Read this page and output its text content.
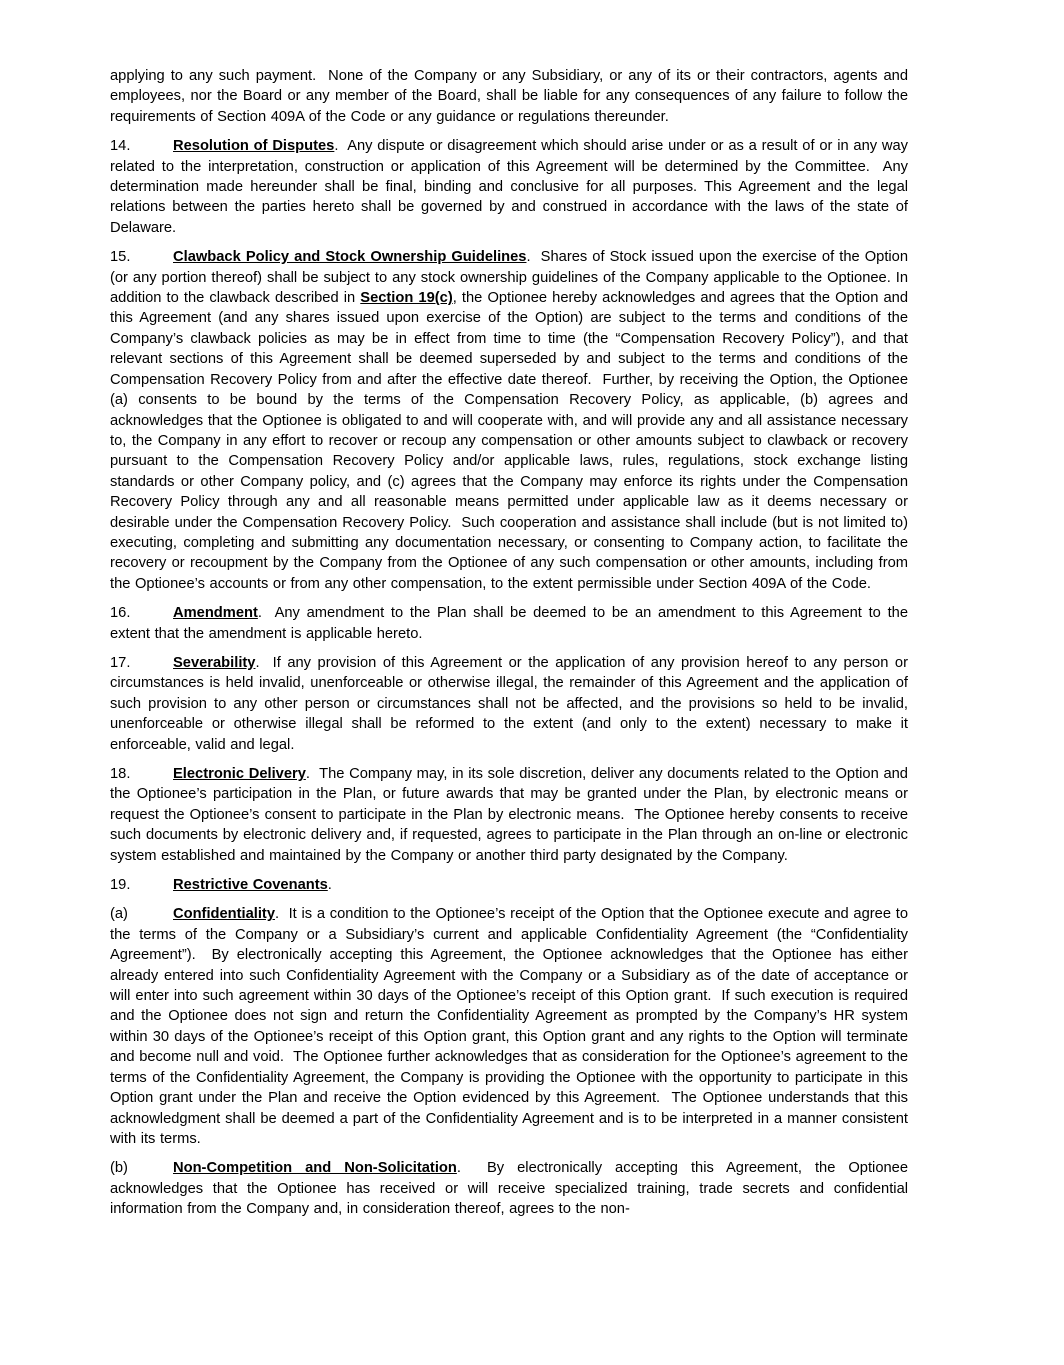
applying to any such payment.  None of the Company or any Subsidiary, or any of its or their contractors, agents and employees, nor the Board or any member of the Board, shall be liable for any consequences of any failure to follow the requirements of Section 409A of the Code or any guidance or regulations thereunder.

14.	Resolution of Disputes.  Any dispute or disagreement which should arise under or as a result of or in any way related to the interpretation, construction or application of this Agreement will be determined by the Committee.  Any determination made hereunder shall be final, binding and conclusive for all purposes. This Agreement and the legal relations between the parties hereto shall be governed by and construed in accordance with the laws of the state of Delaware.

15.	Clawback Policy and Stock Ownership Guidelines.  Shares of Stock issued upon the exercise of the Option (or any portion thereof) shall be subject to any stock ownership guidelines of the Company applicable to the Optionee. In addition to the clawback described in Section 19(c), the Optionee hereby acknowledges and agrees that the Option and this Agreement (and any shares issued upon exercise of the Option) are subject to the terms and conditions of the Company’s clawback policies as may be in effect from time to time (the “Compensation Recovery Policy”), and that relevant sections of this Agreement shall be deemed superseded by and subject to the terms and conditions of the Compensation Recovery Policy from and after the effective date thereof.  Further, by receiving the Option, the Optionee (a) consents to be bound by the terms of the Compensation Recovery Policy, as applicable, (b) agrees and acknowledges that the Optionee is obligated to and will cooperate with, and will provide any and all assistance necessary to, the Company in any effort to recover or recoup any compensation or other amounts subject to clawback or recovery pursuant to the Compensation Recovery Policy and/or applicable laws, rules, regulations, stock exchange listing standards or other Company policy, and (c) agrees that the Company may enforce its rights under the Compensation Recovery Policy through any and all reasonable means permitted under applicable law as it deems necessary or desirable under the Compensation Recovery Policy.  Such cooperation and assistance shall include (but is not limited to) executing, completing and submitting any documentation necessary, or consenting to Company action, to facilitate the recovery or recoupment by the Company from the Optionee of any such compensation or other amounts, including from the Optionee’s accounts or from any other compensation, to the extent permissible under Section 409A of the Code.

16.	Amendment.  Any amendment to the Plan shall be deemed to be an amendment to this Agreement to the extent that the amendment is applicable hereto.

17.	Severability.  If any provision of this Agreement or the application of any provision hereof to any person or circumstances is held invalid, unenforceable or otherwise illegal, the remainder of this Agreement and the application of such provision to any other person or circumstances shall not be affected, and the provisions so held to be invalid, unenforceable or otherwise illegal shall be reformed to the extent (and only to the extent) necessary to make it enforceable, valid and legal.

18.	Electronic Delivery.  The Company may, in its sole discretion, deliver any documents related to the Option and the Optionee’s participation in the Plan, or future awards that may be granted under the Plan, by electronic means or request the Optionee’s consent to participate in the Plan by electronic means.  The Optionee hereby consents to receive such documents by electronic delivery and, if requested, agrees to participate in the Plan through an on-line or electronic system established and maintained by the Company or another third party designated by the Company.

19.	Restrictive Covenants.

(a)	Confidentiality.  It is a condition to the Optionee’s receipt of the Option that the Optionee execute and agree to the terms of the Company or a Subsidiary’s current and applicable Confidentiality Agreement (the “Confidentiality Agreement”).  By electronically accepting this Agreement, the Optionee acknowledges that the Optionee has either already entered into such Confidentiality Agreement with the Company or a Subsidiary as of the date of acceptance or will enter into such agreement within 30 days of the Optionee’s receipt of this Option grant.  If such execution is required and the Optionee does not sign and return the Confidentiality Agreement as prompted by the Company’s HR system within 30 days of the Optionee’s receipt of this Option grant, this Option grant and any rights to the Option will terminate and become null and void.  The Optionee further acknowledges that as consideration for the Optionee’s agreement to the terms of the Confidentiality Agreement, the Company is providing the Optionee with the opportunity to participate in this Option grant under the Plan and receive the Option evidenced by this Agreement.  The Optionee understands that this acknowledgment shall be deemed a part of the Confidentiality Agreement and is to be interpreted in a manner consistent with its terms.

(b)	Non-Competition and Non-Solicitation.  By electronically accepting this Agreement, the Optionee acknowledges that the Optionee has received or will receive specialized training, trade secrets and confidential information from the Company and, in consideration thereof, agrees to the non-
